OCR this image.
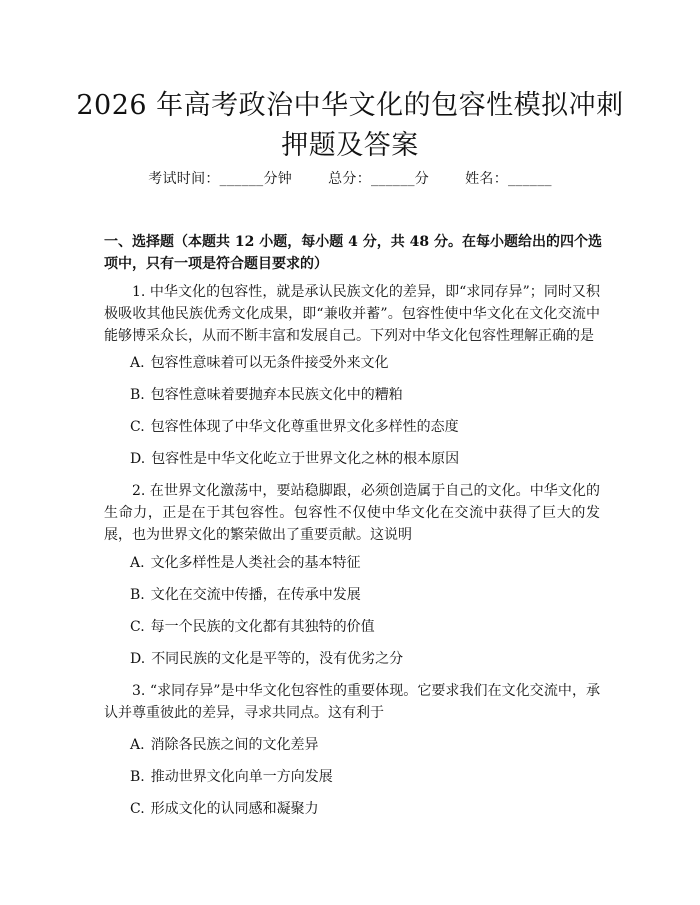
2026 年高考政治中华文化的包容性模拟冲刺
押题及答案
考试时间：______分钟	总分：______分	姓名：______
一、选择题（本题共 12 小题，每小题 4 分，共 48 分。在每小题给出的四个选项中，只有一项是符合题目要求的）
1. 中华文化的包容性，就是承认民族文化的差异，即“求同存异”；同时又积极吸收其他民族优秀文化成果，即“兼收并蓄”。包容性使中华文化在文化交流中能够博采众长，从而不断丰富和发展自己。下列对中华文化包容性理解正确的是
A. 包容性意味着可以无条件接受外来文化
B. 包容性意味着要抛弃本民族文化中的糟粕
C. 包容性体现了中华文化尊重世界文化多样性的态度
D. 包容性是中华文化屹立于世界文化之林的根本原因
2. 在世界文化激荡中，要站稳脚跟，必须创造属于自己的文化。中华文化的生命力，正是在于其包容性。包容性不仅使中华文化在交流中获得了巨大的发展，也为世界文化的繁荣做出了重要贡献。这说明
A. 文化多样性是人类社会的基本特征
B. 文化在交流中传播，在传承中发展
C. 每一个民族的文化都有其独特的价值
D. 不同民族的文化是平等的，没有优劣之分
3. “求同存异”是中华文化包容性的重要体现。它要求我们在文化交流中，承认并尊重彼此的差异，寻求共同点。这有利于
A. 消除各民族之间的文化差异
B. 推动世界文化向单一方向发展
C. 形成文化的认同感和凝聚力
